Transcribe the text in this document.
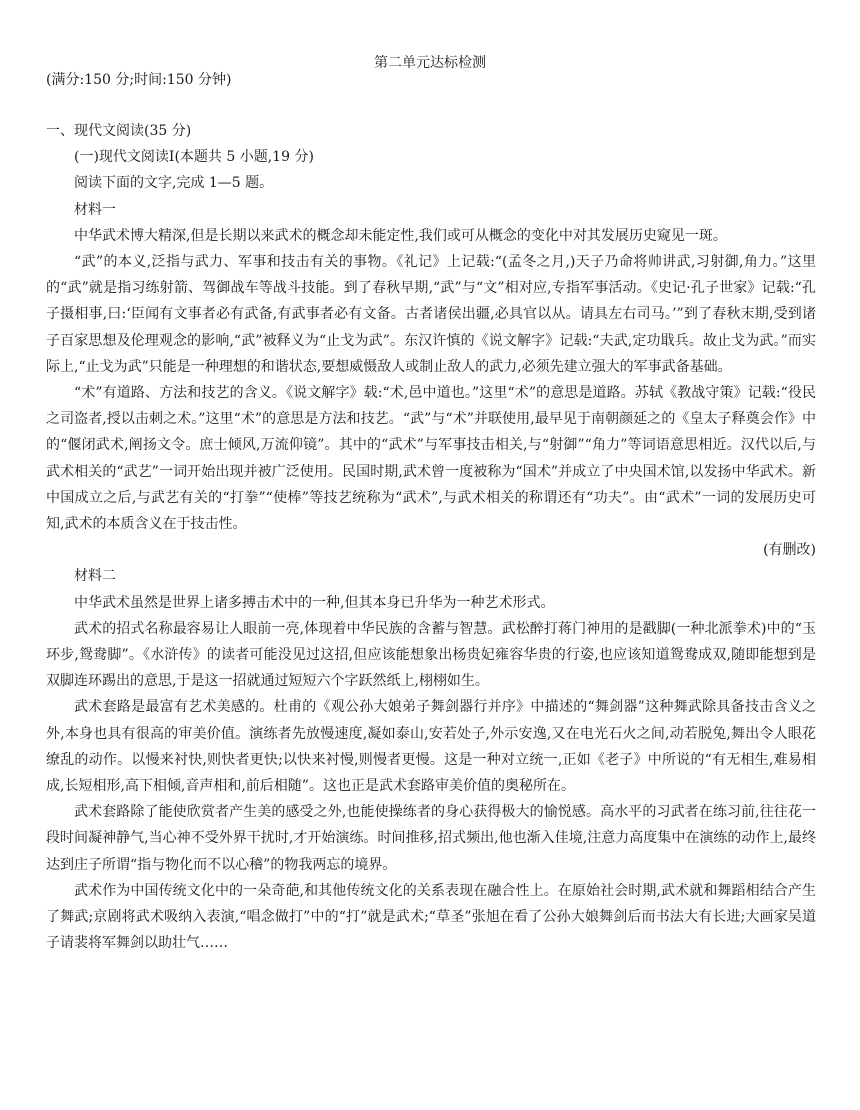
第二单元达标检测
(满分:150 分;时间:150 分钟)

一、现代文阅读(35 分)

(一)现代文阅读Ⅰ(本题共 5 小题,19 分)

阅读下面的文字,完成 1—5 题。

材料一

中华武术博大精深,但是长期以来武术的概念却未能定性,我们或可从概念的变化中对其发展历史窥见一斑。

“武”的本义,泛指与武力、军事和技击有关的事物。《礼记》上记载:“(孟冬之月,)天子乃命将帅讲武,习射御,角力。”这里的“武”就是指习练射箭、驾御战车等战斗技能。到了春秋早期,“武”与“文”相对应,专指军事活动。《史记·孔子世家》记载:“孔子摄相事,曰:‘臣闻有文事者必有武备,有武事者必有文备。古者诸侯出疆,必具官以从。请具左右司马。’”到了春秋末期,受到诸子百家思想及伦理观念的影响,“武”被释义为“止戈为武”。东汉许慎的《说文解字》记载:“夫武,定功戢兵。故止戈为武。”而实际上,“止戈为武”只能是一种理想的和谐状态,要想威慑敌人或制止敌人的武力,必须先建立强大的军事武备基础。

“术”有道路、方法和技艺的含义。《说文解字》载:“术,邑中道也。”这里“术”的意思是道路。苏轼《教战守策》记载:“役民之司盗者,授以击刺之术。”这里“术”的意思是方法和技艺。“武”与“术”并联使用,最早见于南朝颜延之的《皇太子释奠会作》中的“偃闭武术,阐扬文令。庶士倾风,万流仰镜”。其中的“武术”与军事技击相关,与“射御”“角力”等词语意思相近。汉代以后,与武术相关的“武艺”一词开始出现并被广泛使用。民国时期,武术曾一度被称为“国术”并成立了中央国术馆,以发扬中华武术。新中国成立之后,与武艺有关的“打拳”“使棒”等技艺统称为“武术”,与武术相关的称谓还有“功夫”。由“武术”一词的发展历史可知,武术的本质含义在于技击性。

(有删改)

材料二

中华武术虽然是世界上诸多搏击术中的一种,但其本身已升华为一种艺术形式。

武术的招式名称最容易让人眼前一亮,体现着中华民族的含蓄与智慧。武松醉打蒋门神用的是戳脚(一种北派拳术)中的“玉环步,鸳鸯脚”。《水浒传》的读者可能没见过这招,但应该能想象出杨贵妃雍容华贵的行姿,也应该知道鸳鸯成双,随即能想到是双脚连环踢出的意思,于是这一招就通过短短六个字跃然纸上,栩栩如生。

武术套路是最富有艺术美感的。杜甫的《观公孙大娘弟子舞剑器行并序》中描述的“舞剑器”这种舞武除具备技击含义之外,本身也具有很高的审美价值。演练者先放慢速度,凝如泰山,安若处子,外示安逸,又在电光石火之间,动若脱兔,舞出令人眼花缭乱的动作。以慢来衬快,则快者更快;以快来衬慢,则慢者更慢。这是一种对立统一,正如《老子》中所说的“有无相生,难易相成,长短相形,高下相倾,音声相和,前后相随”。这也正是武术套路审美价值的奥秘所在。

武术套路除了能使欣赏者产生美的感受之外,也能使操练者的身心获得极大的愉悦感。高水平的习武者在练习前,往往花一段时间凝神静气,当心神不受外界干扰时,才开始演练。时间推移,招式频出,他也渐入佳境,注意力高度集中在演练的动作上,最终达到庄子所谓“指与物化而不以心稽”的物我两忘的境界。

武术作为中国传统文化中的一朵奇葩,和其他传统文化的关系表现在融合性上。在原始社会时期,武术就和舞蹈相结合产生了舞武;京剧将武术吸纳入表演,“唱念做打”中的“打”就是武术;“草圣”张旭在看了公孙大娘舞剑后而书法大有长进;大画家吴道子请裴将军舞剑以助壮气……
